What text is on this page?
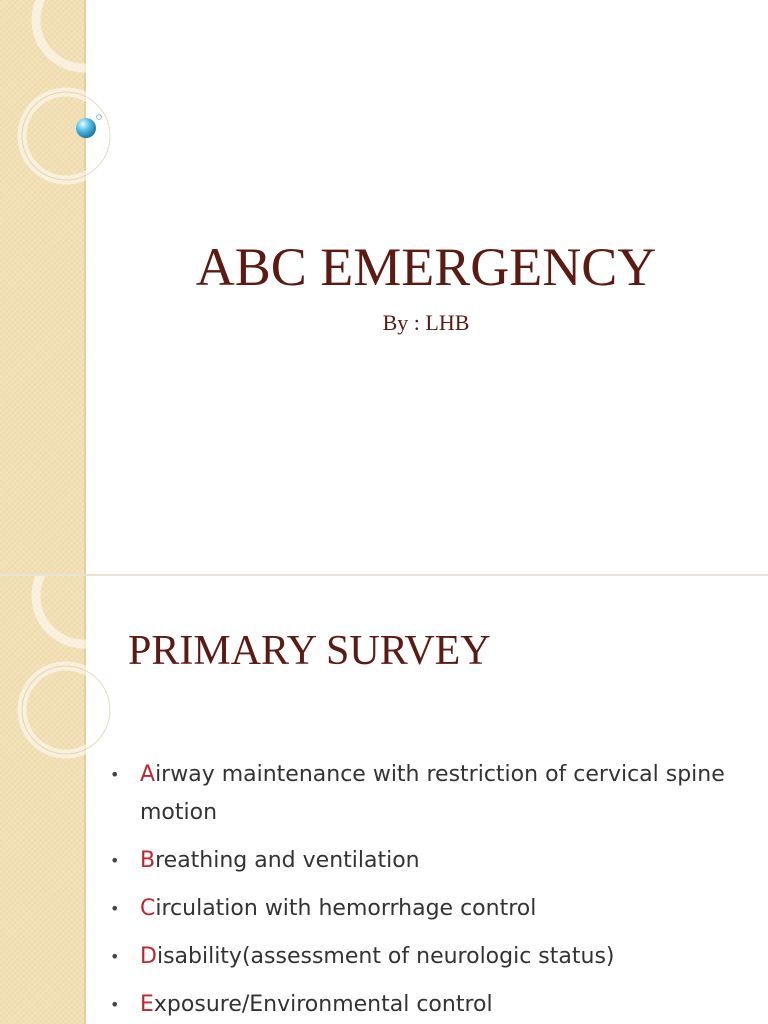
ABC EMERGENCY
By : LHB
PRIMARY SURVEY
• Airway maintenance with restriction of cervical spine motion
• Breathing and ventilation
• Circulation with hemorrhage control
• Disability(assessment of neurologic status)
• Exposure/Environmental control
